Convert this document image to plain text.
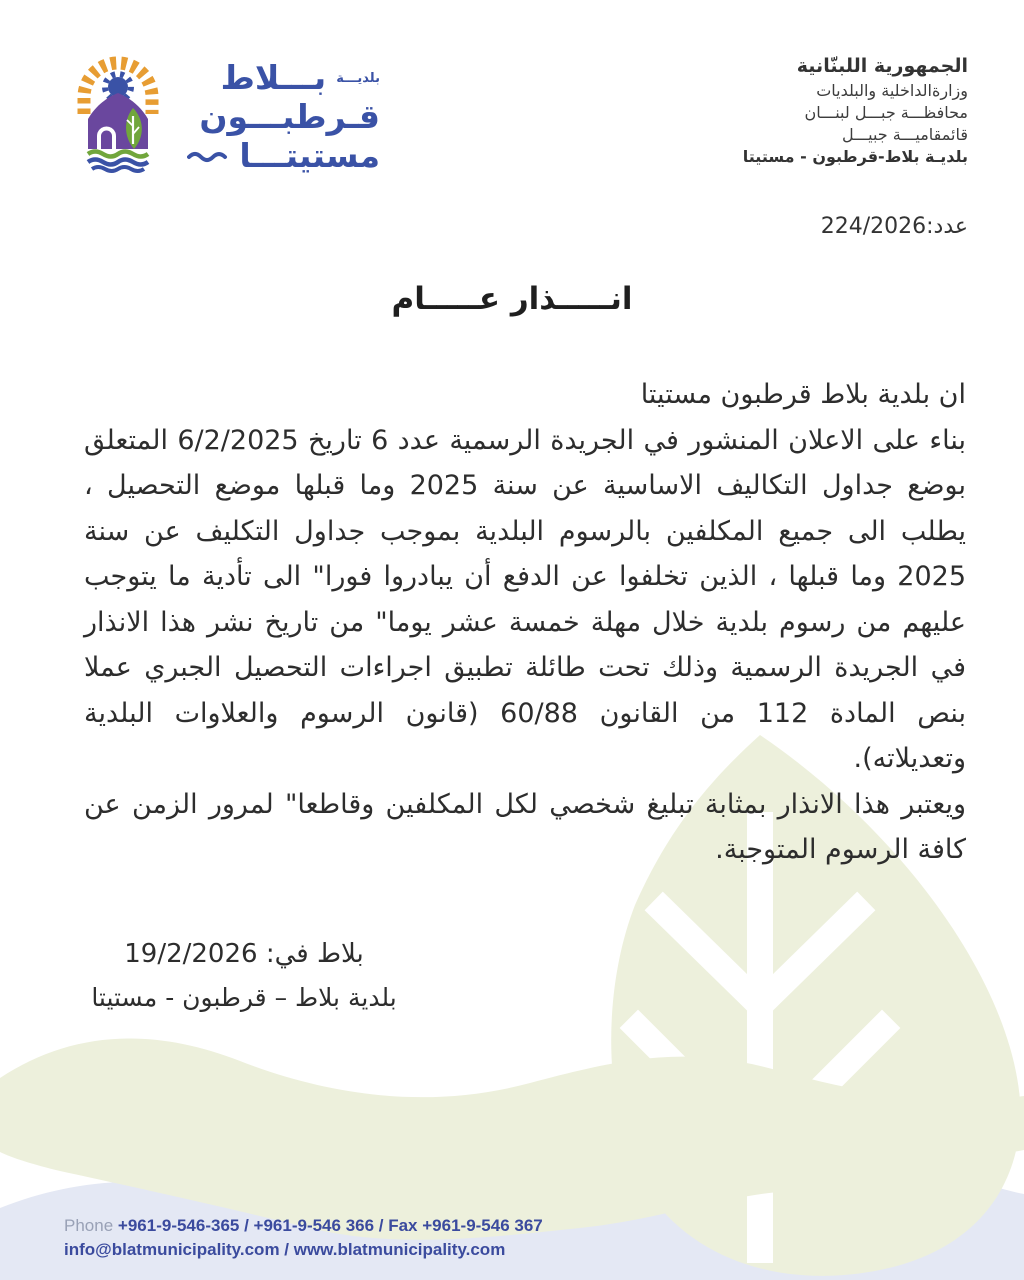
بلديـــة
بـــلاط
قـرطبـــون
مستيتـــا
الجمهورية اللبنّانية
وزارةالداخلية والبلديات
محافظـــة جبـــل لبنـــان
قائمقاميـــة جبيـــل
بلديـة بلاط-قرطبون - مستيتا
عدد:224/2026
انـــــذار عـــــام
ان بلدية بلاط قرطبون مستيتا
بناء على الاعلان المنشور في الجريدة الرسمية عدد 6 تاريخ 6/2/2025 المتعلق
بوضع جداول التكاليف الاساسية عن سنة 2025 وما قبلها موضع التحصيل ،
يطلب الى جميع المكلفين بالرسوم البلدية بموجب جداول التكليف عن سنة
2025 وما قبلها ، الذين تخلفوا عن الدفع أن يبادروا فورا" الى تأدية ما يتوجب
عليهم من رسوم بلدية خلال مهلة خمسة عشر يوما" من تاريخ نشر هذا الانذار
في الجريدة الرسمية وذلك تحت طائلة تطبيق اجراءات التحصيل الجبري عملا
بنص المادة 112 من القانون 60/88 (قانون الرسوم والعلاوات البلدية
وتعديلاته).
ويعتبر هذا الانذار بمثابة تبليغ شخصي لكل المكلفين وقاطعا" لمرور الزمن عن
كافة الرسوم المتوجبة.
بلاط في: 19/2/2026
بلدية بلاط – قرطبون - مستيتا
Phone +961-9-546-365 / +961-9-546 366 / Fax +961-9-546 367
info@blatmunicipality.com / www.blatmunicipality.com
